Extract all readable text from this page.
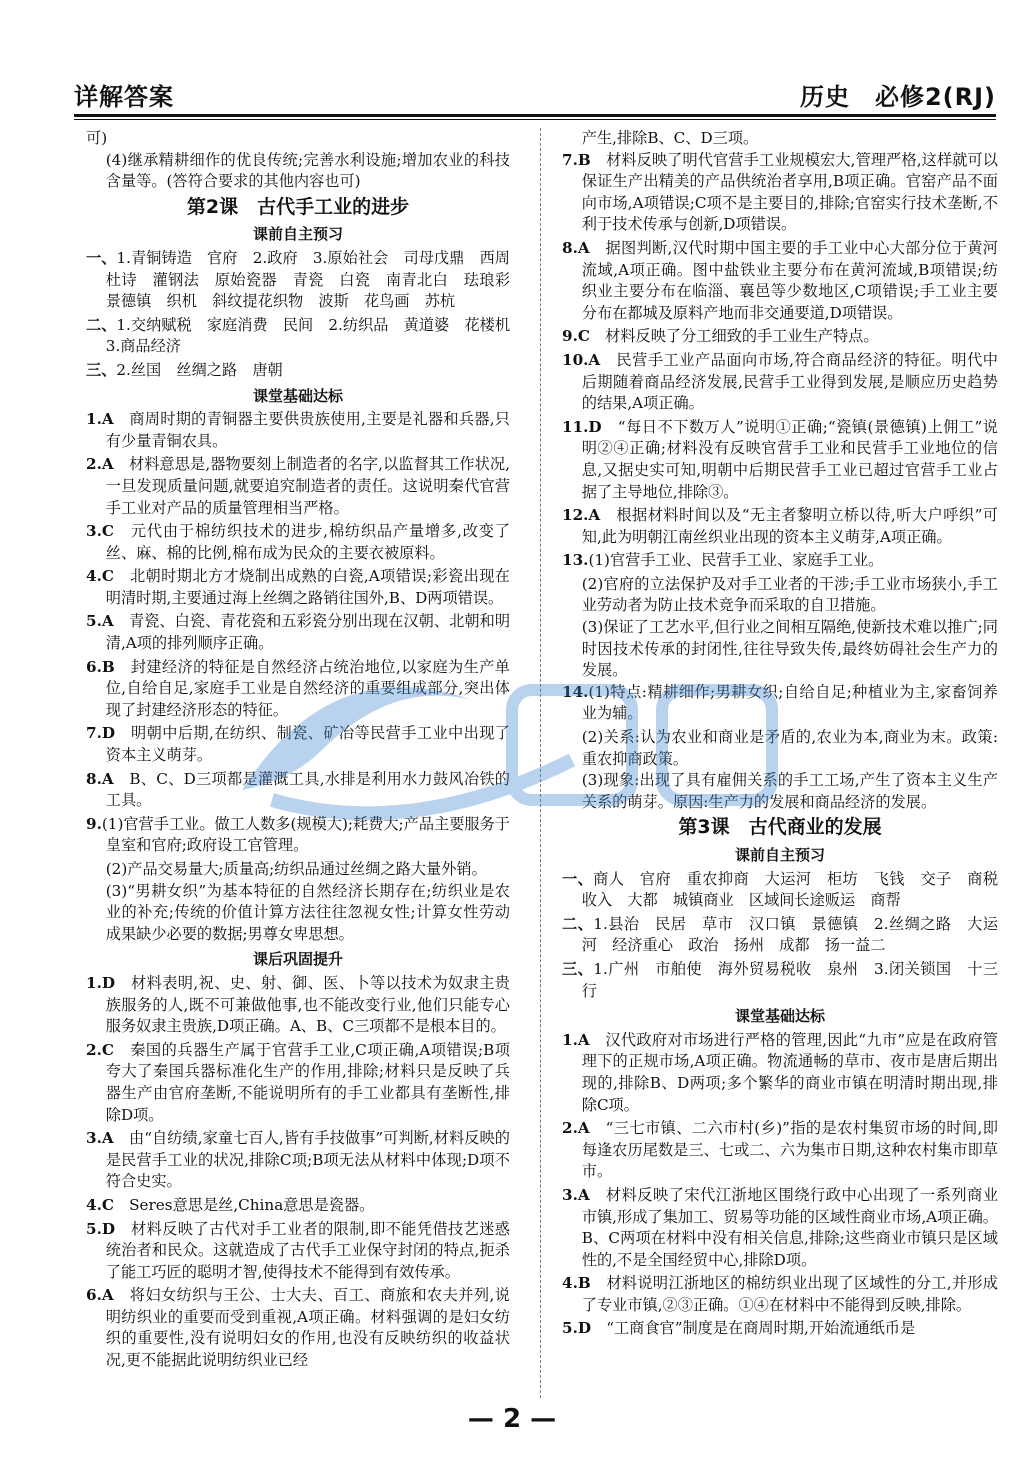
详解答案	历史　必修2(RJ)
可)
(4)继承精耕细作的优良传统;完善水利设施;增加农业的科技含量等。(答符合要求的其他内容也可)
第2课　古代手工业的进步
课前自主预习
一、1.青铜铸造　官府　2.政府　3.原始社会　司母戊鼎　西周　杜诗　灌钢法　原始瓷器　青瓷　白瓷　南青北白　珐琅彩　景德镇　织机　斜纹提花织物　波斯　花鸟画　苏杭
二、1.交纳赋税　家庭消费　民间　2.纺织品　黄道婆　花楼机　3.商品经济
三、2.丝国　丝绸之路　唐朝
课堂基础达标
1.A　商周时期的青铜器主要供贵族使用,主要是礼器和兵器,只有少量青铜农具。
2.A　材料意思是,器物要刻上制造者的名字,以监督其工作状况,一旦发现质量问题,就要追究制造者的责任。这说明秦代官营手工业对产品的质量管理相当严格。
3.C　元代由于棉纺织技术的进步,棉纺织品产量增多,改变了丝、麻、棉的比例,棉布成为民众的主要衣被原料。
4.C　北朝时期北方才烧制出成熟的白瓷,A项错误;彩瓷出现在明清时期,主要通过海上丝绸之路销往国外,B、D两项错误。
5.A　青瓷、白瓷、青花瓷和五彩瓷分别出现在汉朝、北朝和明清,A项的排列顺序正确。
6.B　封建经济的特征是自然经济占统治地位,以家庭为生产单位,自给自足,家庭手工业是自然经济的重要组成部分,突出体现了封建经济形态的特征。
7.D　明朝中后期,在纺织、制瓷、矿冶等民营手工业中出现了资本主义萌芽。
8.A　B、C、D三项都是灌溉工具,水排是利用水力鼓风冶铁的工具。
9.(1)官营手工业。做工人数多(规模大);耗费大;产品主要服务于皇室和官府;政府设工官管理。
(2)产品交易量大;质量高;纺织品通过丝绸之路大量外销。
(3)“男耕女织”为基本特征的自然经济长期存在;纺织业是农业的补充;传统的价值计算方法往往忽视女性;计算女性劳动成果缺少必要的数据;男尊女卑思想。
课后巩固提升
1.D　材料表明,祝、史、射、御、医、卜等以技术为奴隶主贵族服务的人,既不可兼做他事,也不能改变行业,他们只能专心服务奴隶主贵族,D项正确。A、B、C三项都不是根本目的。
2.C　秦国的兵器生产属于官营手工业,C项正确,A项错误;B项夸大了秦国兵器标准化生产的作用,排除;材料只是反映了兵器生产由官府垄断,不能说明所有的手工业都具有垄断性,排除D项。
3.A　由“自纺绩,家童七百人,皆有手技做事”可判断,材料反映的是民营手工业的状况,排除C项;B项无法从材料中体现;D项不符合史实。
4.C　Seres意思是丝,China意思是瓷器。
5.D　材料反映了古代对手工业者的限制,即不能凭借技艺迷惑统治者和民众。这就造成了古代手工业保守封闭的特点,扼杀了能工巧匠的聪明才智,使得技术不能得到有效传承。
6.A　将妇女纺织与王公、士大夫、百工、商旅和农夫并列,说明纺织业的重要而受到重视,A项正确。材料强调的是妇女纺织的重要性,没有说明妇女的作用,也没有反映纺织的收益状况,更不能据此说明纺织业已经
产生,排除B、C、D三项。
7.B　材料反映了明代官营手工业规模宏大,管理严格,这样就可以保证生产出精美的产品供统治者享用,B项正确。官窑产品不面向市场,A项错误;C项不是主要目的,排除;官窑实行技术垄断,不利于技术传承与创新,D项错误。
8.A　据图判断,汉代时期中国主要的手工业中心大部分位于黄河流域,A项正确。图中盐铁业主要分布在黄河流域,B项错误;纺织业主要分布在临淄、襄邑等少数地区,C项错误;手工业主要分布在都城及原料产地而非交通要道,D项错误。
9.C　材料反映了分工细致的手工业生产特点。
10.A　民营手工业产品面向市场,符合商品经济的特征。明代中后期随着商品经济发展,民营手工业得到发展,是顺应历史趋势的结果,A项正确。
11.D　“每日不下数万人”说明①正确;“瓷镇(景德镇)上佣工”说明②④正确;材料没有反映官营手工业和民营手工业地位的信息,又据史实可知,明朝中后期民营手工业已超过官营手工业占据了主导地位,排除③。
12.A　根据材料时间以及“无主者黎明立桥以待,听大户呼织”可知,此为明朝江南丝织业出现的资本主义萌芽,A项正确。
13.(1)官营手工业、民营手工业、家庭手工业。
(2)官府的立法保护及对手工业者的干涉;手工业市场狭小,手工业劳动者为防止技术竞争而采取的自卫措施。
(3)保证了工艺水平,但行业之间相互隔绝,使新技术难以推广;同时因技术传承的封闭性,往往导致失传,最终妨碍社会生产力的发展。
14.(1)特点:精耕细作;男耕女织;自给自足;种植业为主,家畜饲养业为辅。
(2)关系:认为农业和商业是矛盾的,农业为本,商业为末。政策:重农抑商政策。
(3)现象:出现了具有雇佣关系的手工工场,产生了资本主义生产关系的萌芽。原因:生产力的发展和商品经济的发展。
第3课　古代商业的发展
课前自主预习
一、商人　官府　重农抑商　大运河　柜坊　飞钱　交子　商税收入　大都　城镇商业　区域间长途贩运　商帮
二、1.县治　民居　草市　汉口镇　景德镇　2.丝绸之路　大运河　经济重心　政治　扬州　成都　扬一益二
三、1.广州　市舶使　海外贸易税收　泉州　3.闭关锁国　十三行
课堂基础达标
1.A　汉代政府对市场进行严格的管理,因此“九市”应是在政府管理下的正规市场,A项正确。物流通畅的草市、夜市是唐后期出现的,排除B、D两项;多个繁华的商业市镇在明清时期出现,排除C项。
2.A　“三七市镇、二六市村(乡)”指的是农村集贸市场的时间,即每逢农历尾数是三、七或二、六为集市日期,这种农村集市即草市。
3.A　材料反映了宋代江浙地区围绕行政中心出现了一系列商业市镇,形成了集加工、贸易等功能的区域性商业市场,A项正确。B、C两项在材料中没有相关信息,排除;这些商业市镇只是区域性的,不是全国经贸中心,排除D项。
4.B　材料说明江浙地区的棉纺织业出现了区域性的分工,并形成了专业市镇,②③正确。①④在材料中不能得到反映,排除。
5.D　“工商食官”制度是在商周时期,开始流通纸币是
— 2 —
